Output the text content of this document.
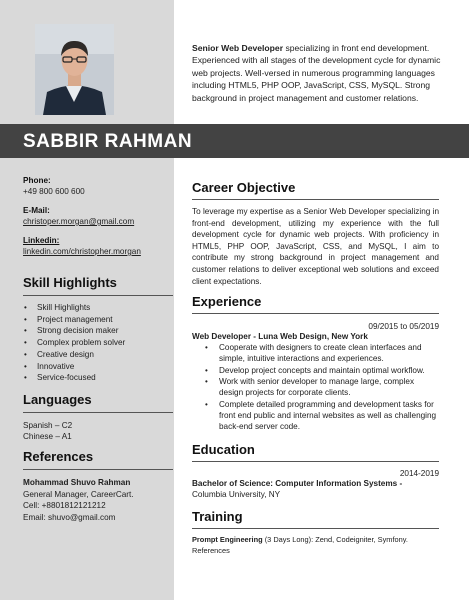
Senior Web Developer specializing in front end development. Experienced with all stages of the development cycle for dynamic web projects. Well-versed in numerous programming languages including HTML5, PHP OOP, JavaScript, CSS, MySQL. Strong background in project management and customer relations.
SABBIR RAHMAN
Phone:
+49 800 600 600
E-Mail:
christoper.morgan@gmail.com
Linkedin:
linkedin.com/christopher.morgan
Skill Highlights
• Skill Highlights
• Project management
• Strong decision maker
• Complex problem solver
• Creative design
• Innovative
• Service-focused
Languages
Spanish – C2
Chinese – A1
References
Mohammad Shuvo Rahman
General Manager, CareerCart.
Cell: +8801812121212
Email: shuvo@gmail.com
Career Objective

To leverage my expertise as a Senior Web Developer specializing in front-end development, utilizing my experience with the full development cycle for dynamic web projects. With proficiency in HTML5, PHP OOP, JavaScript, CSS, and MySQL, I aim to contribute my strong background in project management and customer relations to deliver exceptional web solutions and exceed client expectations.

Experience
09/2015 to 05/2019
Web Developer - Luna Web Design, New York
• Cooperate with designers to create clean interfaces and simple, intuitive interactions and experiences.
• Develop project concepts and maintain optimal workflow.
• Work with senior developer to manage large, complex design projects for corporate clients.
• Complete detailed programming and development tasks for front end public and internal websites as well as challenging back-end server code.
Education
2014-2019
Bachelor of Science: Computer Information Systems -
Columbia University, NY
Training
Prompt Engineering (3 Days Long): Zend, Codeigniter, Symfony.
References
